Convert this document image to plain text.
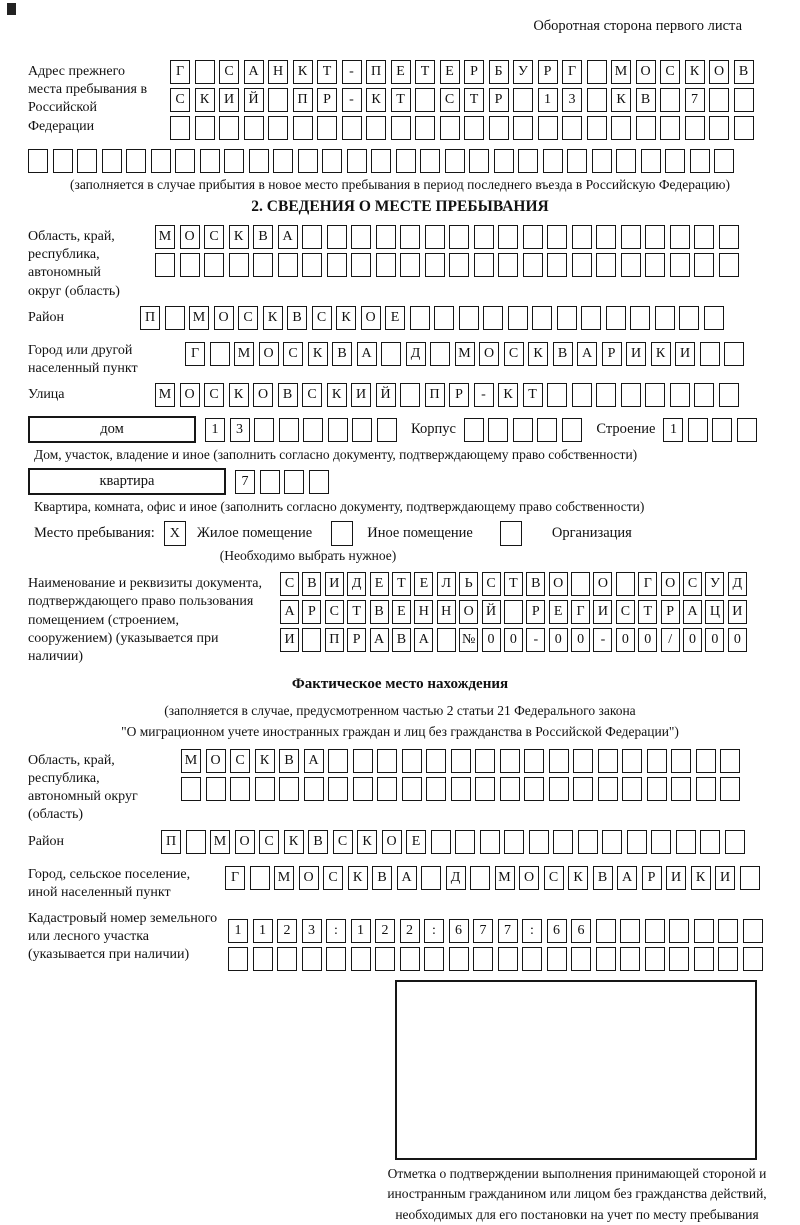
Оборотная сторона первого листа
Адрес прежнего места пребывания в Российской Федерации
Г	С	А	Н	К	Т	-	П	Е	Т	Е	Р	Б	У	Р	Г	М О	С	К	О	В
С	К	И	Й	П	Р	-	К	Т	С	Т	Р	1	3	К	В	7
(заполняется в случае прибытия в новое место пребывания в период последнего въезда в Российскую Федерацию)
2. СВЕДЕНИЯ О МЕСТЕ ПРЕБЫВАНИЯ
Область, край, республика, автономный округ (область)
М О	С	К	В	А
Район	П	М О	С	К	В	С	К	О	Е
Город или другой населенный пункт
Г	М О	С	К	В	А	Д	М О	С	К	В	А	Р	И	К	И
Улица	М О	С	К	О	В	С	К	И	Й	П	Р	-	К	Т
дом	1	3	Корпус	Строение	1
Дом, участок, владение и иное (заполнить согласно документу, подтверждающему право собственности)
квартира	7
Квартира, комната, офис и иное (заполнить согласно документу, подтверждающему право собственности)
Место пребывания:	X	Жилое помещение	Иное помещение	Организация
(Необходимо выбрать нужное)
Наименование и реквизиты документа, подтверждающего право пользования помещением (строением, сооружением) (указывается при наличии)
С В И Д Е Т Е Л Ь С Т В О	О	Г О С У Д
А Р С Т В Е Н Н О Й	Р	Е	Г И С Т	Р А Ц И
И	П Р А В А	№ 0	0	-	0	0	-	0	0	/	0	0	0
Фактическое место нахождения
(заполняется в случае, предусмотренном частью 2 статьи 21 Федерального закона
"О миграционном учете иностранных граждан и лиц без гражданства в Российской Федерации")
Область, край, республика, автономный округ (область)
М О	С	К	В	А
Район	П	М О	С	К	В	С	К	О	Е
Город, сельское поселение, иной населенный пункт
Г	М О	С	К	В	А	Д	М О	С	К	В	А	Р	И	К	И
Кадастровый номер земельного или лесного участка (указывается при наличии)
1	1	2	3	:	1	2	2	:	6	7	7	:	6	6
Отметка о подтверждении выполнения принимающей стороной и иностранным гражданином или лицом без гражданства действий, необходимых для его постановки на учет по месту пребывания
